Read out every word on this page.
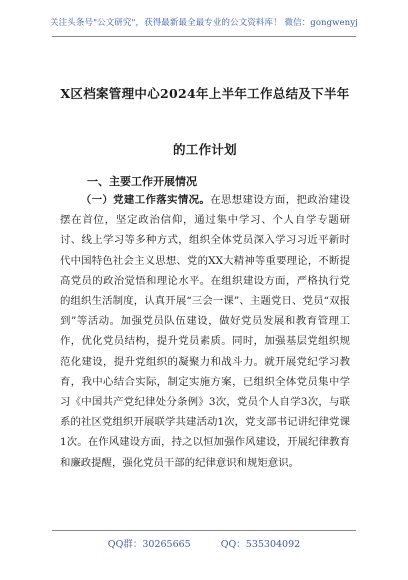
关注头条号"公文研究"，获得最新最全最专业的公文资料库！ 微信：gongwenyj
X区档案管理中心2024年上半年工作总结及下半年的工作计划
一、主要工作开展情况
（一）党建工作落实情况。在思想建设方面，把政治建设摆在首位，坚定政治信仰，通过集中学习、个人自学专题研讨、线上学习等多种方式，组织全体党员深入学习习近平新时代中国特色社会主义思想、党的XX大精神等重要理论，不断提高党员的政治觉悟和理论水平。在组织建设方面，严格执行党的组织生活制度，认真开展“三会一课”、主题党日、党员“双报到”等活动。加强党员队伍建设，做好党员发展和教育管理工作，优化党员结构，提升党员素质。同时，加强基层党组织规范化建设，提升党组织的凝聚力和战斗力。就开展党纪学习教育，我中心结合实际，制定实施方案，已组织全体党员集中学习《中国共产党纪律处分条例》3次，党员个人自学3次，与联系的社区党组织开展联学共建活动1次，党支部书记讲纪律党课1次。在作风建设方面，持之以恒加强作风建设，开展纪律教育和廉政提醒，强化党员干部的纪律意识和规矩意识。
QQ群：30265665	QQ：535304092
